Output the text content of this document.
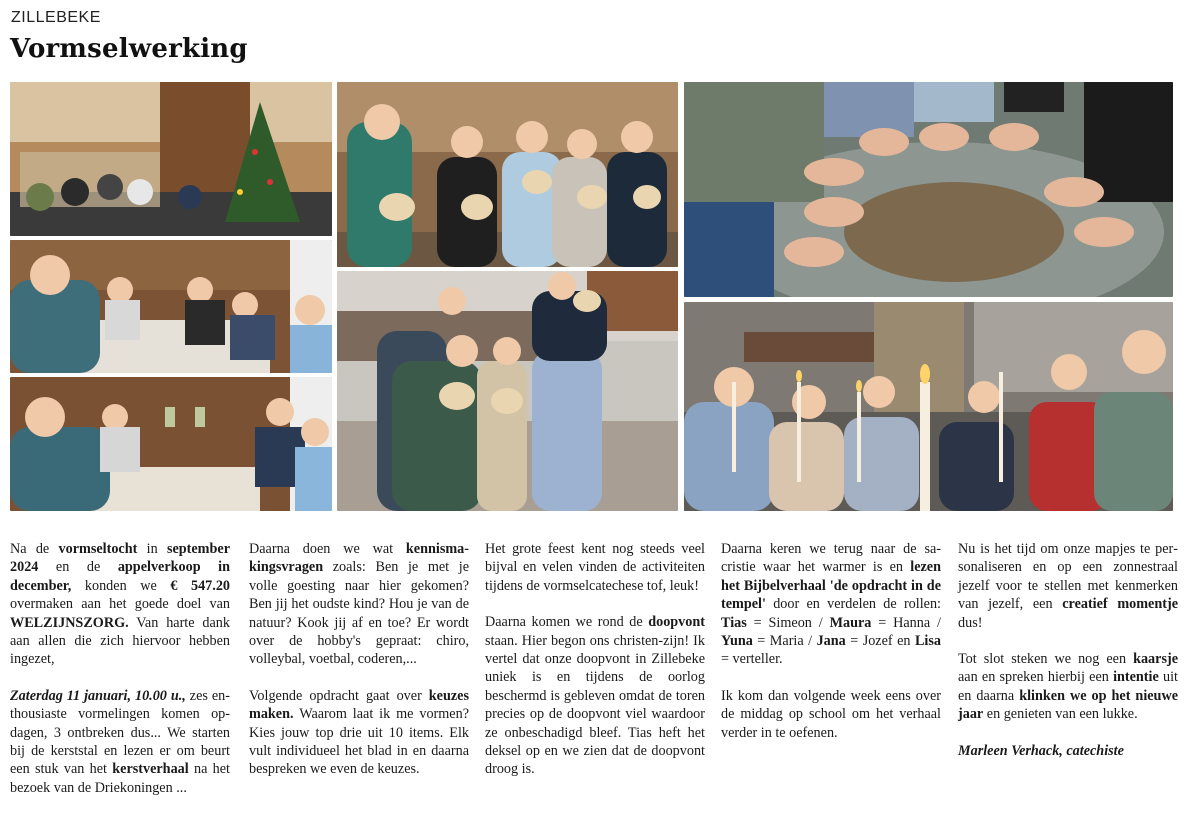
ZILLEBEKE
Vormselwerking

Na de vormseltocht in september 2024 en de appelverkoop in december, konden we € 547.20 overmaken aan het goede doel van WELZIJNSZORG. Van harte dank aan allen die zich hiervoor hebben ingezet,

Zaterdag 11 januari, 10.00 u., zes enthousiaste vormelingen komen opdagen, 3 ontbreken dus... We starten bij de kerststal en lezen er om beurt een stuk van het kerstverhaal na het bezoek van de Driekoningen ...

Daarna doen we wat kennismakingsvragen zoals: Ben je met je volle goesting naar hier gekomen? Ben jij het oudste kind? Hou je van de natuur? Kook jij af en toe? Er wordt over de hobby's gepraat: chiro, volleybal, voetbal, coderen,...

Volgende opdracht gaat over keuzes maken. Waarom laat ik me vormen? Kies jouw top drie uit 10 items. Elk vult individueel het blad in en daarna bespreken we even de keuzes.

Het grote feest kent nog steeds veel bijval en velen vinden de activiteiten tijdens de vormselcatechese tof, leuk!

Daarna komen we rond de doopvont staan. Hier begon ons christen-zijn! Ik vertel dat onze doopvont in Zillebeke uniek is en tijdens de oorlog beschermd is gebleven omdat de toren precies op de doopvont viel waardoor ze onbeschadigd bleef. Tias heft het deksel op en we zien dat de doopvont droog is.

Daarna keren we terug naar de sacristie waar het warmer is en lezen het Bijbelverhaal 'de opdracht in de tempel' door en verdelen de rollen: Tias = Simeon / Maura = Hanna / Yuna = Maria / Jana = Jozef en Lisa = verteller.

Ik kom dan volgende week eens over de middag op school om het verhaal verder in te oefenen.

Nu is het tijd om onze mapjes te personaliseren en op een zonnestraal jezelf voor te stellen met kenmerken van jezelf, een creatief momentje dus!

Tot slot steken we nog een kaarsje aan en spreken hierbij een intentie uit en daarna klinken we op het nieuwe jaar en genieten van een lukke.

Marleen Verhack, catechiste
